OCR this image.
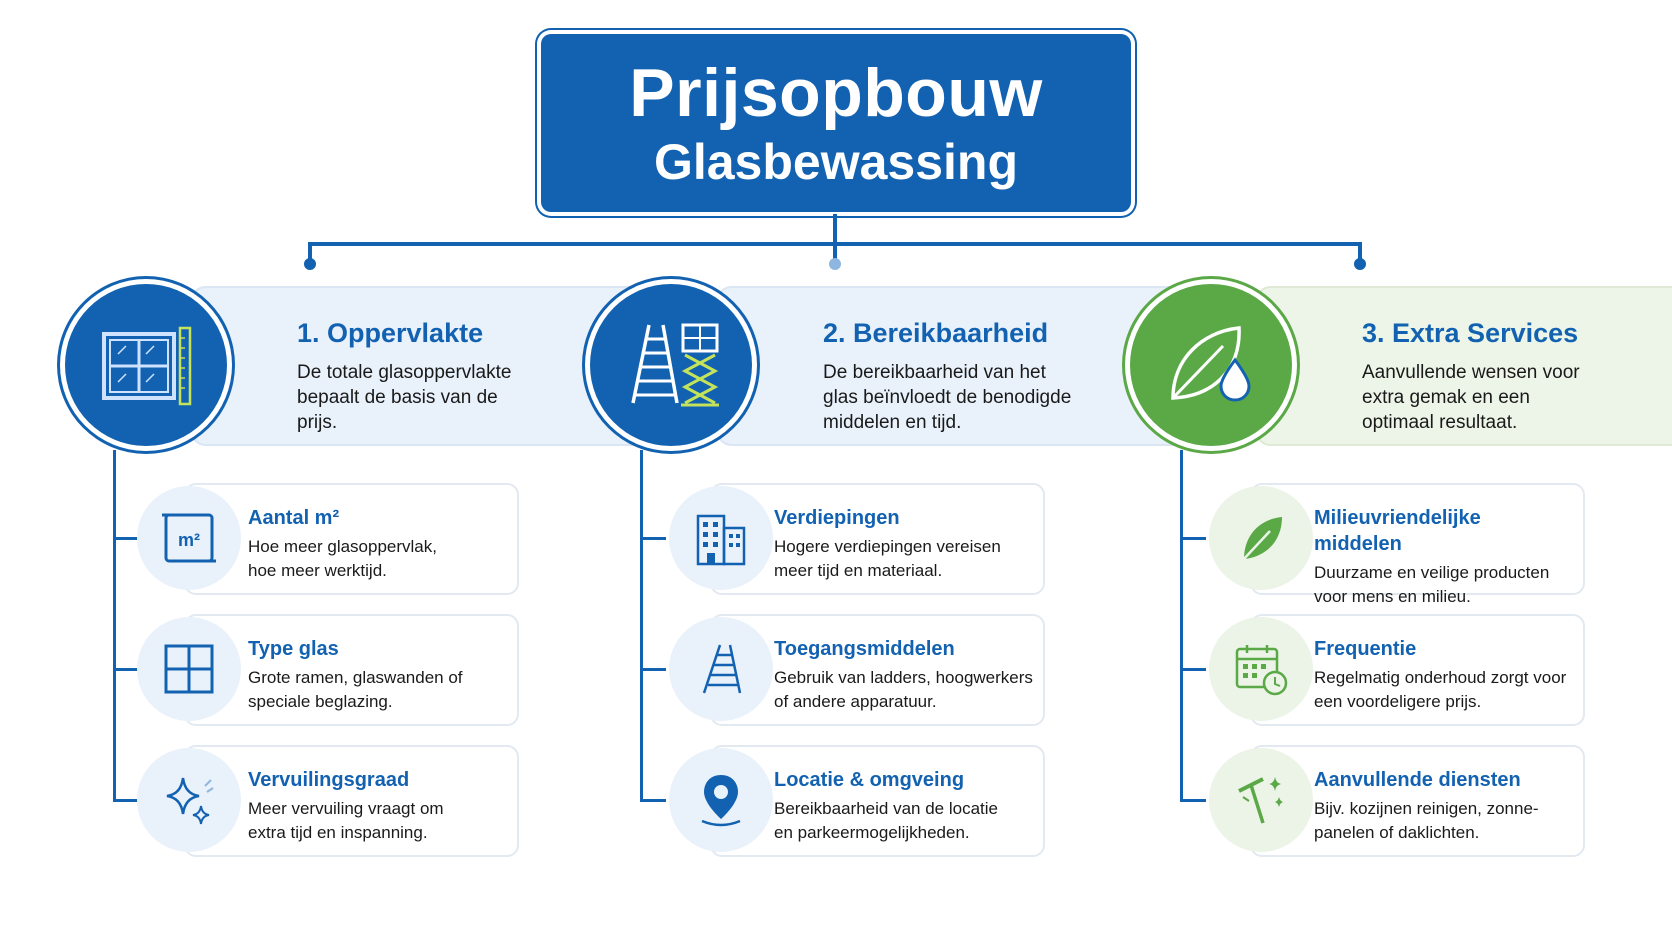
Prijsopbouw
Glasbewassing
1. Oppervlakte
De totale glasoppervlakte bepaalt de basis van de prijs.
Aantal m²
Hoe meer glasoppervlak, hoe meer werktijd.
m²
Type glas
Grote ramen, glaswanden of speciale beglazing.
Vervuilingsgraad
Meer vervuiling vraagt om extra tijd en inspanning.
2. Bereikbaarheid
De bereikbaarheid van het glas beïnvloedt de benodigde middelen en tijd.
Verdiepingen
Hogere verdiepingen vereisen meer tijd en materiaal.
Toegangsmiddelen
Gebruik van ladders, hoogwerkers of andere apparatuur.
Locatie & omgveing
Bereikbaarheid van de locatie en parkeermogelijkheden.
3. Extra Services
Aanvullende wensen voor extra gemak en een optimaal resultaat.
Milieuvriendelijke middelen
Duurzame en veilige producten voor mens en milieu.
Frequentie
Regelmatig onderhoud zorgt voor een voordeligere prijs.
Aanvullende diensten
Bijv. kozijnen reinigen, zonne-panelen of daklichten.
